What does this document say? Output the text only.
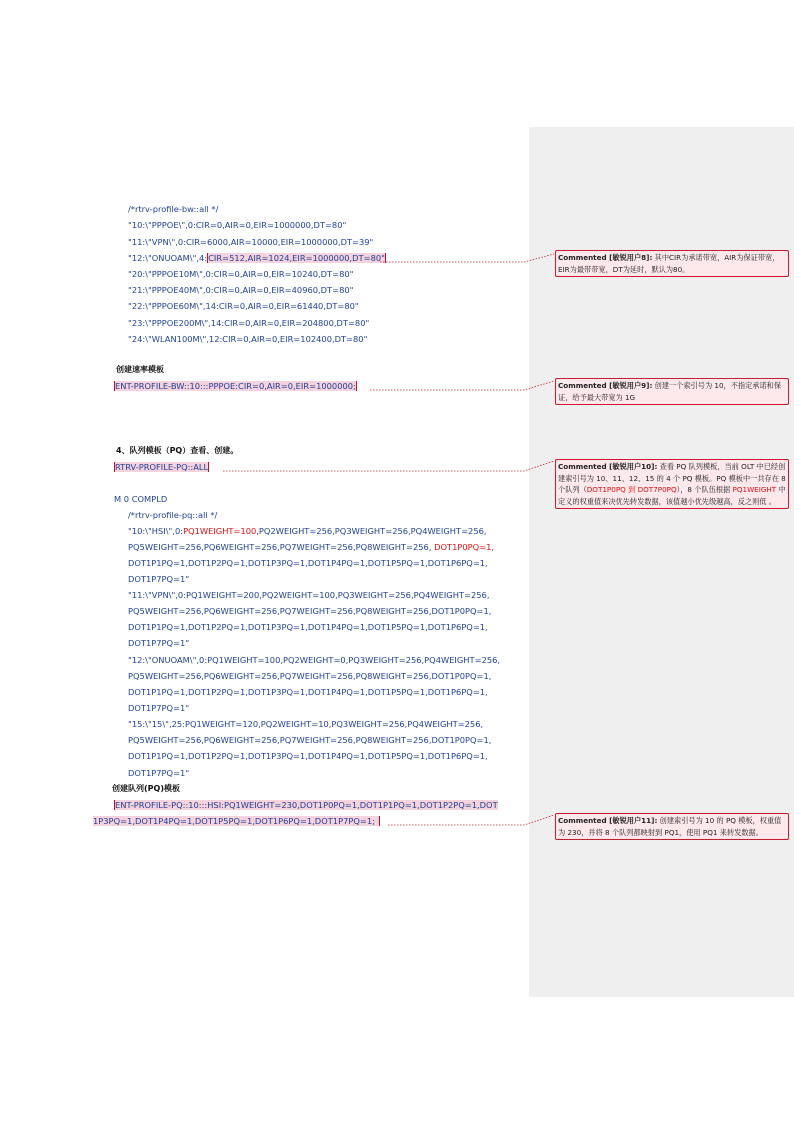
/*rtrv-profile-bw::all */
"10:\"PPPOE\",0:CIR=0,AIR=0,EIR=1000000,DT=80"
"11:\"VPN\",0:CIR=6000,AIR=10000,EIR=1000000,DT=39"
"12:\"ONUOAM\",4:CIR=512,AIR=1024,EIR=1000000,DT=80"
"20:\"PPPOE10M\",0:CIR=0,AIR=0,EIR=10240,DT=80"
"21:\"PPPOE40M\",0:CIR=0,AIR=0,EIR=40960,DT=80"
"22:\"PPPOE60M\",14:CIR=0,AIR=0,EIR=61440,DT=80"
"23:\"PPPOE200M\",14:CIR=0,AIR=0,EIR=204800,DT=80"
"24:\"WLAN100M\",12:CIR=0,AIR=0,EIR=102400,DT=80"
创建速率模板
ENT-PROFILE-BW::10:::PPPOE:CIR=0,AIR=0,EIR=1000000;
4、队列模板（PQ）查看、创建。
RTRV-PROFILE-PQ::ALL
M 0 COMPLD
/*rtrv-profile-pq::all */
"10:\"HSI\",0:PQ1WEIGHT=100,PQ2WEIGHT=256,PQ3WEIGHT=256,PQ4WEIGHT=256,
PQ5WEIGHT=256,PQ6WEIGHT=256,PQ7WEIGHT=256,PQ8WEIGHT=256, DOT1P0PQ=1,
DOT1P1PQ=1,DOT1P2PQ=1,DOT1P3PQ=1,DOT1P4PQ=1,DOT1P5PQ=1,DOT1P6PQ=1,
DOT1P7PQ=1"
"11:\"VPN\",0:PQ1WEIGHT=200,PQ2WEIGHT=100,PQ3WEIGHT=256,PQ4WEIGHT=256,
PQ5WEIGHT=256,PQ6WEIGHT=256,PQ7WEIGHT=256,PQ8WEIGHT=256,DOT1P0PQ=1,
DOT1P1PQ=1,DOT1P2PQ=1,DOT1P3PQ=1,DOT1P4PQ=1,DOT1P5PQ=1,DOT1P6PQ=1,
DOT1P7PQ=1"
"12:\"ONUOAM\",0:PQ1WEIGHT=100,PQ2WEIGHT=0,PQ3WEIGHT=256,PQ4WEIGHT=256,
PQ5WEIGHT=256,PQ6WEIGHT=256,PQ7WEIGHT=256,PQ8WEIGHT=256,DOT1P0PQ=1,
DOT1P1PQ=1,DOT1P2PQ=1,DOT1P3PQ=1,DOT1P4PQ=1,DOT1P5PQ=1,DOT1P6PQ=1,
DOT1P7PQ=1"
"15:\"15\",25:PQ1WEIGHT=120,PQ2WEIGHT=10,PQ3WEIGHT=256,PQ4WEIGHT=256,
PQ5WEIGHT=256,PQ6WEIGHT=256,PQ7WEIGHT=256,PQ8WEIGHT=256,DOT1P0PQ=1,
DOT1P1PQ=1,DOT1P2PQ=1,DOT1P3PQ=1,DOT1P4PQ=1,DOT1P5PQ=1,DOT1P6PQ=1,
DOT1P7PQ=1"
创建队列(PQ)模板
ENT-PROFILE-PQ::10:::HSI:PQ1WEIGHT=230,DOT1P0PQ=1,DOT1P1PQ=1,DOT1P2PQ=1,DOT
1P3PQ=1,DOT1P4PQ=1,DOT1P5PQ=1,DOT1P6PQ=1,DOT1P7PQ=1;
Commented [敏锐用户8]: 其中CIR为承诺带宽，AIR为保证带宽，EIR为最带带宽，DT为延时，默认为80。
Commented [敏锐用户9]: 创建一个索引号为 10，不指定承诺和保证，给予最大带宽为 1G
Commented [敏锐用户10]: 查看 PQ 队列模板，当前 OLT 中已经创建索引号为 10、11、12、15 的 4 个 PQ 模板。PQ 模板中一共存在 8 个队列（DOT1P0PQ 到 DOT7P0PQ），8 个队伍根据 PQ1WEIGHT 中定义的权重值来决优先转发数据，该值越小优先级越高，反之则低 。
Commented [敏锐用户11]: 创建索引号为 10 的 PQ 模板，权重值为 230，并将 8 个队列都映射到 PQ1，使用 PQ1 来转发数据。
